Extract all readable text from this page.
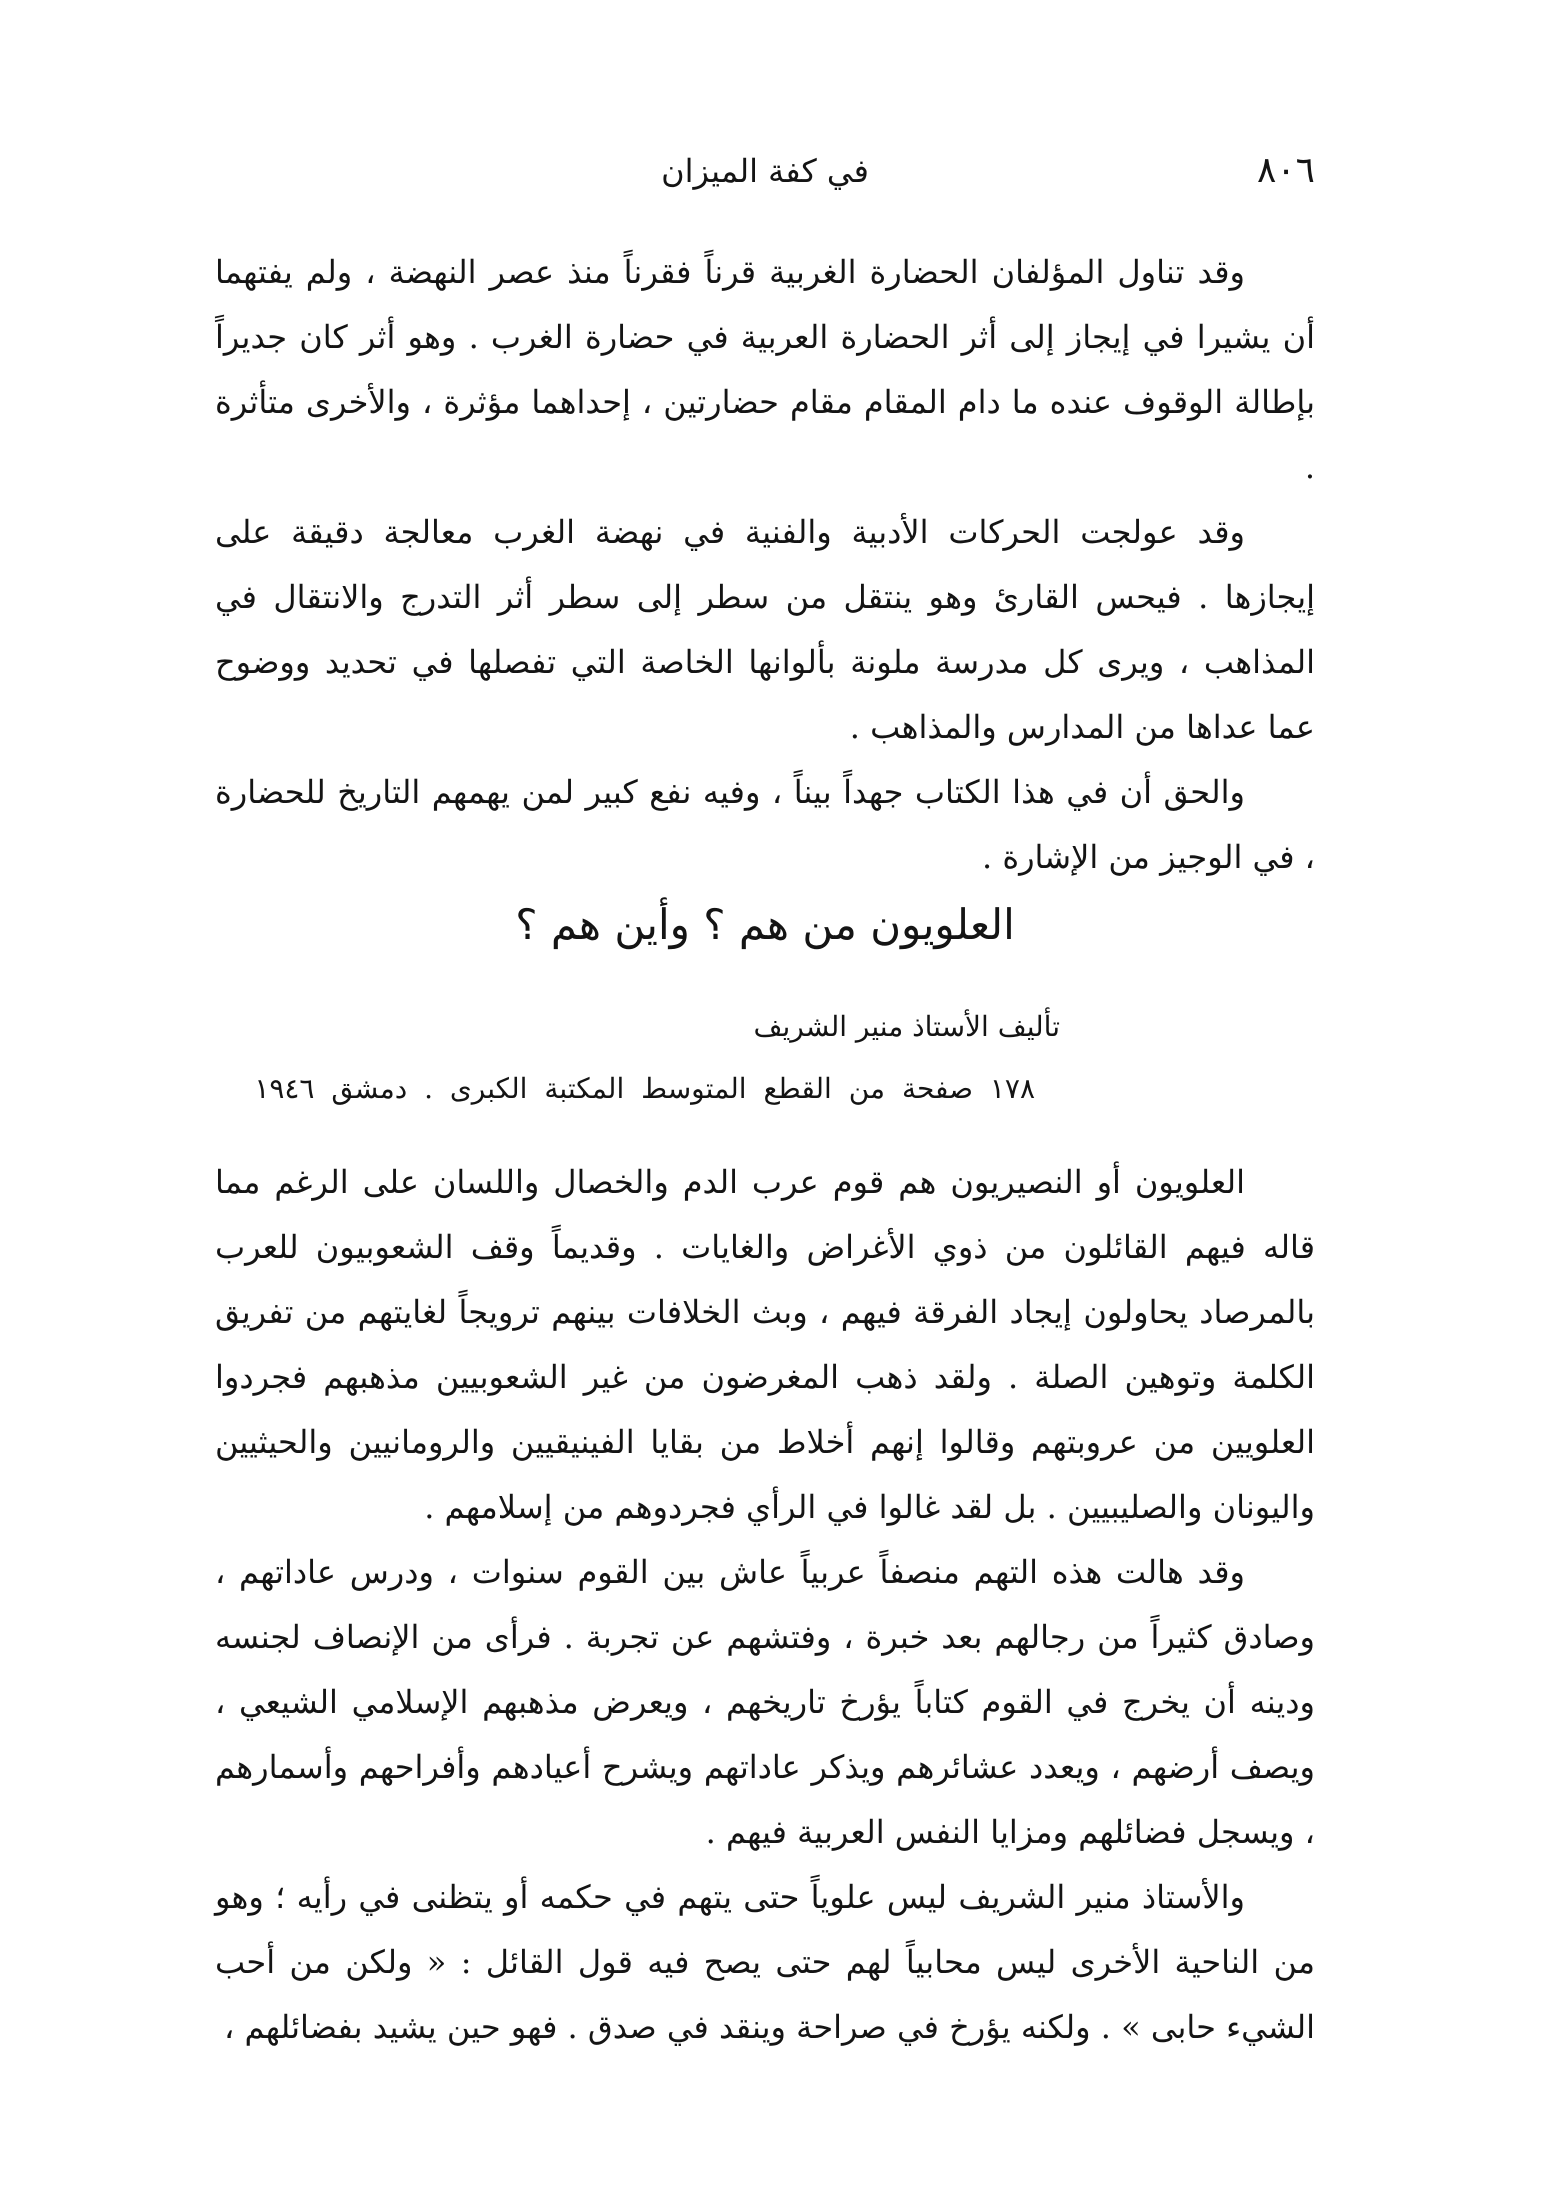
٨٠٦
في كفة الميزان

وقد تناول المؤلفان الحضارة الغربية قرناً فقرناً منذ عصر النهضة ، ولم يفتهما أن يشيرا في إيجاز إلى أثر الحضارة العربية في حضارة الغرب . وهو أثر كان جديراً بإطالة الوقوف عنده ما دام المقام مقام حضارتين ، إحداهما مؤثرة ، والأخرى متأثرة .

وقد عولجت الحركات الأدبية والفنية في نهضة الغرب معالجة دقيقة على إيجازها . فيحس القارئ وهو ينتقل من سطر إلى سطر أثر التدرج والانتقال في المذاهب ، ويرى كل مدرسة ملونة بألوانها الخاصة التي تفصلها في تحديد ووضوح عما عداها من المدارس والمذاهب .

والحق أن في هذا الكتاب جهداً بيناً ، وفيه نفع كبير لمن يهمهم التاريخ للحضارة ، في الوجيز من الإشارة .

العلويون من هم ؟ وأين هم ؟
تأليف الأستاذ منير الشريف
١٧٨ صفحة من القطع المتوسط المكتبة الكبرى . دمشق ١٩٤٦

العلويون أو النصيريون هم قوم عرب الدم والخصال واللسان على الرغم مما قاله فيهم القائلون من ذوي الأغراض والغايات . وقديماً وقف الشعوبيون للعرب بالمرصاد يحاولون إيجاد الفرقة فيهم ، وبث الخلافات بينهم ترويجاً لغايتهم من تفريق الكلمة وتوهين الصلة . ولقد ذهب المغرضون من غير الشعوبيين مذهبهم فجردوا العلويين من عروبتهم وقالوا إنهم أخلاط من بقايا الفينيقيين والرومانيين والحيثيين واليونان والصليبيين . بل لقد غالوا في الرأي فجردوهم من إسلامهم .

وقد هالت هذه التهم منصفاً عربياً عاش بين القوم سنوات ، ودرس عاداتهم ، وصادق كثيراً من رجالهم بعد خبرة ، وفتشهم عن تجربة . فرأى من الإنصاف لجنسه ودينه أن يخرج في القوم كتاباً يؤرخ تاريخهم ، ويعرض مذهبهم الإسلامي الشيعي ، ويصف أرضهم ، ويعدد عشائرهم ويذكر عاداتهم ويشرح أعيادهم وأفراحهم وأسمارهم ، ويسجل فضائلهم ومزايا النفس العربية فيهم .

والأستاذ منير الشريف ليس علوياً حتى يتهم في حكمه أو يتظنى في رأيه ؛ وهو من الناحية الأخرى ليس محابياً لهم حتى يصح فيه قول القائل : « ولكن من أحب الشيء حابى » . ولكنه يؤرخ في صراحة وينقد في صدق . فهو حين يشيد بفضائلهم ،
